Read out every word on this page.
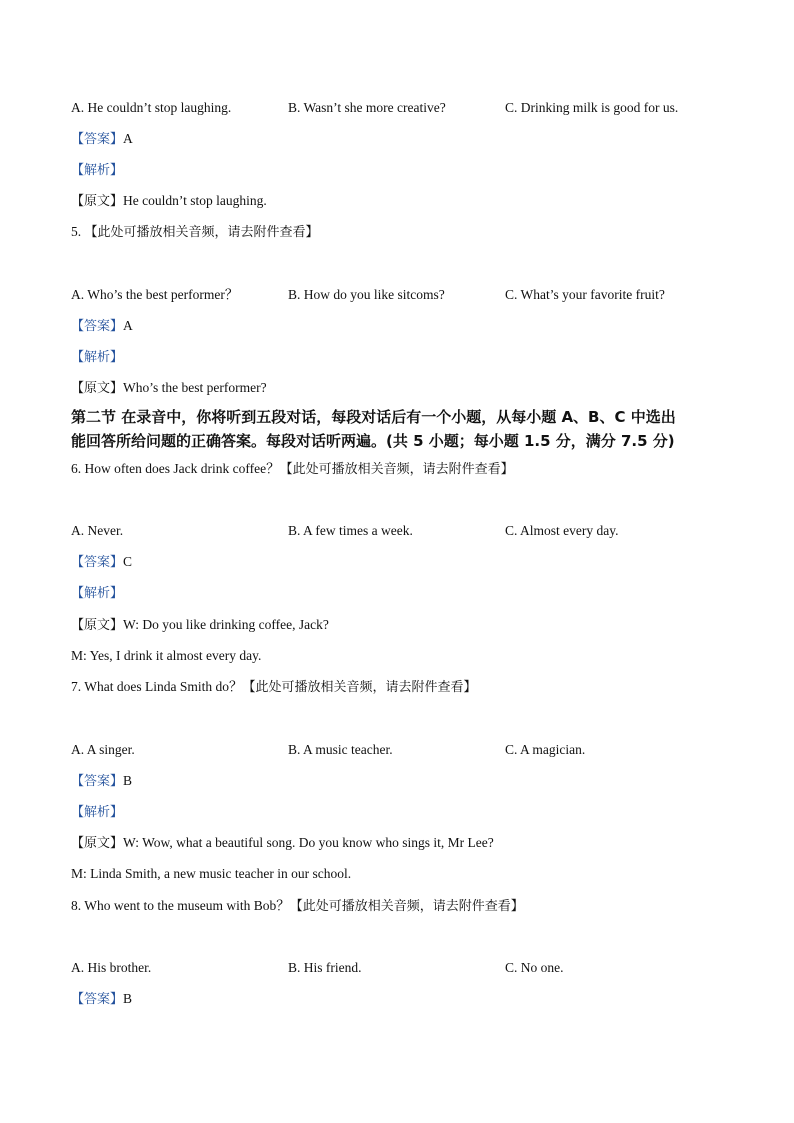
A. He couldn’t stop laughing.	B. Wasn’t she more creative?	C. Drinking milk is good for us.
【答案】A
【解析】
【原文】He couldn’t stop laughing.
5. 【此处可播放相关音频，请去附件查看】
A. Who’s the best performer？	B. How do you like sitcoms?	C. What’s your favorite fruit?
【答案】A
【解析】
【原文】Who’s the best performer?
第二节 在录音中，你将听到五段对话，每段对话后有一个小题，从每小题 A、B、C 中选出
能回答所给问题的正确答案。每段对话听两遍。(共 5 小题；每小题 1.5 分，满分 7.5 分)
6. How often does Jack drink coffee？【此处可播放相关音频，请去附件查看】
A. Never.	B. A few times a week.	C. Almost every day.
【答案】C
【解析】
【原文】W: Do you like drinking coffee, Jack?
M: Yes, I drink it almost every day.
7. What does Linda Smith do？【此处可播放相关音频，请去附件查看】
A. A singer.	B. A music teacher.	C. A magician.
【答案】B
【解析】
【原文】W: Wow, what a beautiful song. Do you know who sings it, Mr Lee?
M: Linda Smith, a new music teacher in our school.
8. Who went to the museum with Bob？【此处可播放相关音频，请去附件查看】
A. His brother.	B. His friend.	C. No one.
【答案】B
